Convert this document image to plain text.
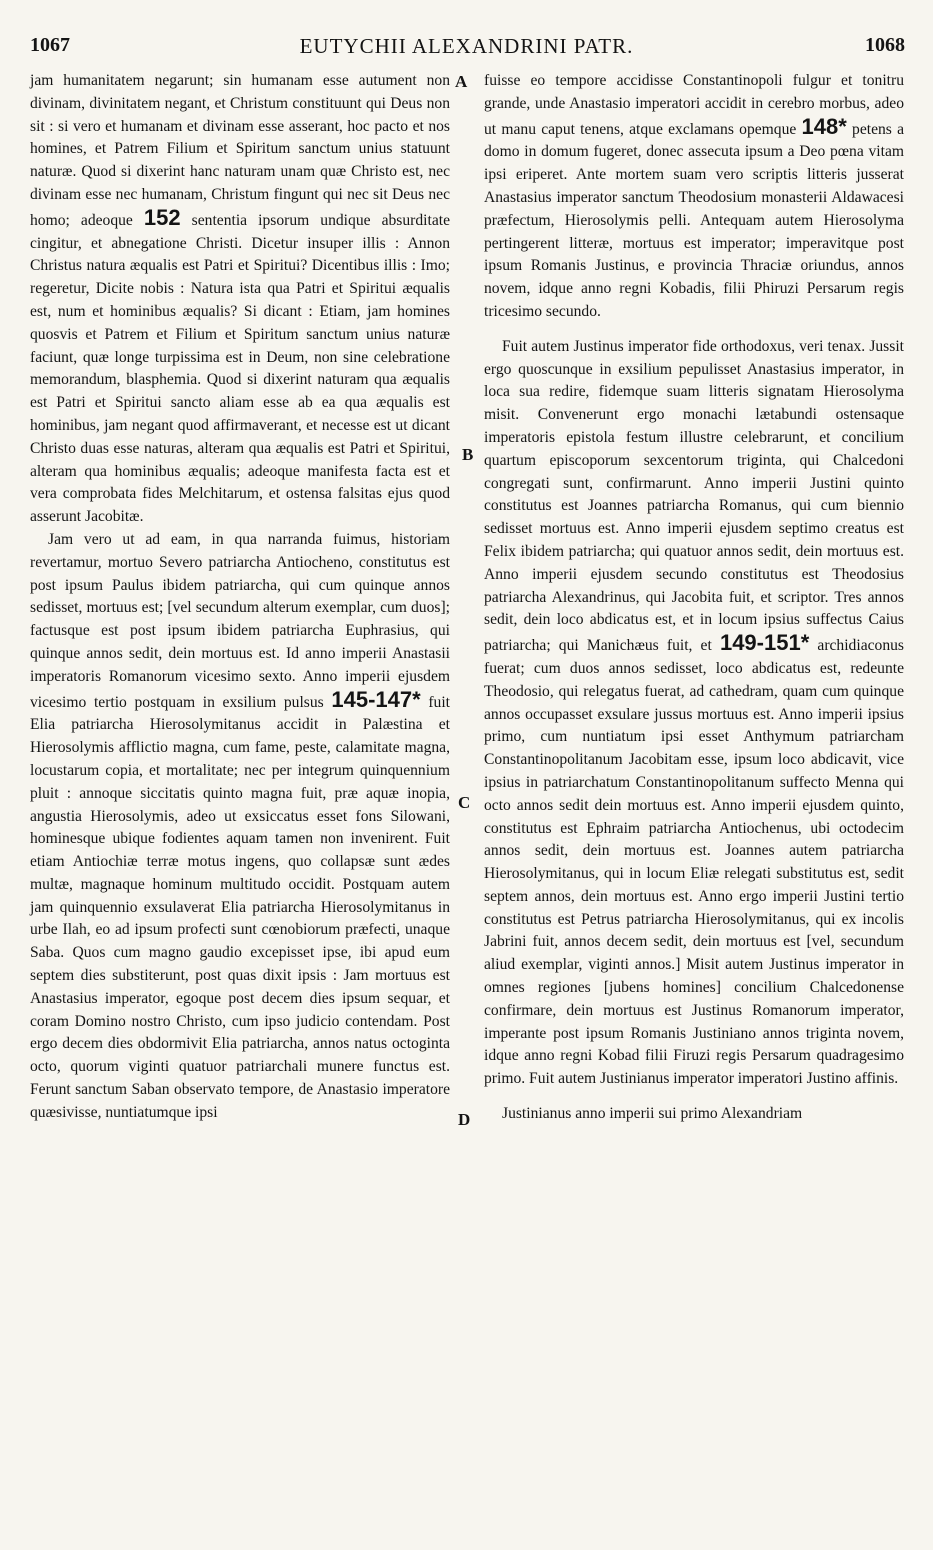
1067	EUTYCHII ALEXANDRINI PATR.	1068
A
B
C
D

jam humanitatem negarunt; sin humanam esse autument non divinam, divinitatem negant, et Christum constituunt qui Deus non sit : si vero et humanam et divinam esse asserant, hoc pacto et nos homines, et Patrem Filium et Spiritum sanctum unius statuunt naturæ. Quod si dixerint hanc naturam unam quæ Christo est, nec divinam esse nec humanam, Christum fingunt qui nec sit Deus nec homo; adeoque 152 sententia ipsorum undique absurditate cingitur, et abnegatione Christi. Dicetur insuper illis : Annon Christus natura æqualis est Patri et Spiritui? Dicentibus illis : Imo; regeretur, Dicite nobis : Natura ista qua Patri et Spiritui æqualis est, num et hominibus æqualis? Si dicant : Etiam, jam homines quosvis et Patrem et Filium et Spiritum sanctum unius naturæ faciunt, quæ longe turpissima est in Deum, non sine celebratione memorandum, blasphemia. Quod si dixerint naturam qua æqualis est Patri et Spiritui sancto aliam esse ab ea qua æqualis est hominibus, jam negant quod affirmaverant, et necesse est ut dicant Christo duas esse naturas, alteram qua æqualis est Patri et Spiritui, alteram qua hominibus æqualis; adeoque manifesta facta est et vera comprobata fides Melchitarum, et ostensa falsitas ejus quod asserunt Jacobitæ.

Jam vero ut ad eam, in qua narranda fuimus, historiam revertamur, mortuo Severo patriarcha Antiocheno, constitutus est post ipsum Paulus ibidem patriarcha, qui cum quinque annos sedisset, mortuus est; [vel secundum alterum exemplar, cum duos]; factusque est post ipsum ibidem patriarcha Euphrasius, qui quinque annos sedit, dein mortuus est. Id anno imperii Anastasii imperatoris Romanorum vicesimo sexto. Anno imperii ejusdem vicesimo tertio postquam in exsilium pulsus 145-147* fuit Elia patriarcha Hierosolymitanus accidit in Palæstina et Hierosolymis afflictio magna, cum fame, peste, calamitate magna, locustarum copia, et mortalitate; nec per integrum quinquennium pluit : annoque siccitatis quinto magna fuit, præ aquæ inopia, angustia Hierosolymis, adeo ut exsiccatus esset fons Silowani, hominesque ubique fodientes aquam tamen non invenirent. Fuit etiam Antiochiæ terræ motus ingens, quo collapsæ sunt ædes multæ, magnaque hominum multitudo occidit. Postquam autem jam quinquennio exsulaverat Elia patriarcha Hierosolymitanus in urbe Ilah, eo ad ipsum profecti sunt cœnobiorum præfecti, unaque Saba. Quos cum magno gaudio excepisset ipse, ibi apud eum septem dies substiterunt, post quas dixit ipsis : Jam mortuus est Anastasius imperator, egoque post decem dies ipsum sequar, et coram Domino nostro Christo, cum ipso judicio contendam. Post ergo decem dies obdormivit Elia patriarcha, annos natus octoginta octo, quorum viginti quatuor patriarchali munere functus est. Ferunt sanctum Saban observato tempore, de Anastasio imperatore quæsivisse, nuntiatumque ipsi

fuisse eo tempore accidisse Constantinopoli fulgur et tonitru grande, unde Anastasio imperatori accidit in cerebro morbus, adeo ut manu caput tenens, atque exclamans opemque 148* petens a domo in domum fugeret, donec assecuta ipsum a Deo pœna vitam ipsi eriperet. Ante mortem suam vero scriptis litteris jusserat Anastasius imperator sanctum Theodosium monasterii Aldawacesi præfectum, Hierosolymis pelli. Antequam autem Hierosolyma pertingerent litteræ, mortuus est imperator; imperavitque post ipsum Romanis Justinus, e provincia Thraciæ oriundus, annos novem, idque anno regni Kobadis, filii Phiruzi Persarum regis tricesimo secundo.

Fuit autem Justinus imperator fide orthodoxus, veri tenax. Jussit ergo quoscunque in exsilium pepulisset Anastasius imperator, in loca sua redire, fidemque suam litteris signatam Hierosolyma misit. Convenerunt ergo monachi lætabundi ostensaque imperatoris epistola festum illustre celebrarunt, et concilium quartum episcoporum sexcentorum triginta, qui Chalcedoni congregati sunt, confirmarunt. Anno imperii Justini quinto constitutus est Joannes patriarcha Romanus, qui cum biennio sedisset mortuus est. Anno imperii ejusdem septimo creatus est Felix ibidem patriarcha; qui quatuor annos sedit, dein mortuus est. Anno imperii ejusdem secundo constitutus est Theodosius patriarcha Alexandrinus, qui Jacobita fuit, et scriptor. Tres annos sedit, dein loco abdicatus est, et in locum ipsius suffectus Caius patriarcha; qui Manichæus fuit, et 149-151* archidiaconus fuerat; cum duos annos sedisset, loco abdicatus est, redeunte Theodosio, qui relegatus fuerat, ad cathedram, quam cum quinque annos occupasset exsulare jussus mortuus est. Anno imperii ipsius primo, cum nuntiatum ipsi esset Anthymum patriarcham Constantinopolitanum Jacobitam esse, ipsum loco abdicavit, vice ipsius in patriarchatum Constantinopolitanum suffecto Menna qui octo annos sedit dein mortuus est. Anno imperii ejusdem quinto, constitutus est Ephraim patriarcha Antiochenus, ubi octodecim annos sedit, dein mortuus est. Joannes autem patriarcha Hierosolymitanus, qui in locum Eliæ relegati substitutus est, sedit septem annos, dein mortuus est. Anno ergo imperii Justini tertio constitutus est Petrus patriarcha Hierosolymitanus, qui ex incolis Jabrini fuit, annos decem sedit, dein mortuus est [vel, secundum aliud exemplar, viginti annos.] Misit autem Justinus imperator in omnes regiones [jubens homines] concilium Chalcedonense confirmare, dein mortuus est Justinus Romanorum imperator, imperante post ipsum Romanis Justiniano annos triginta novem, idque anno regni Kobad filii Firuzi regis Persarum quadragesimo primo. Fuit autem Justinianus imperator imperatori Justino affinis.

Justinianus anno imperii sui primo Alexandriam
